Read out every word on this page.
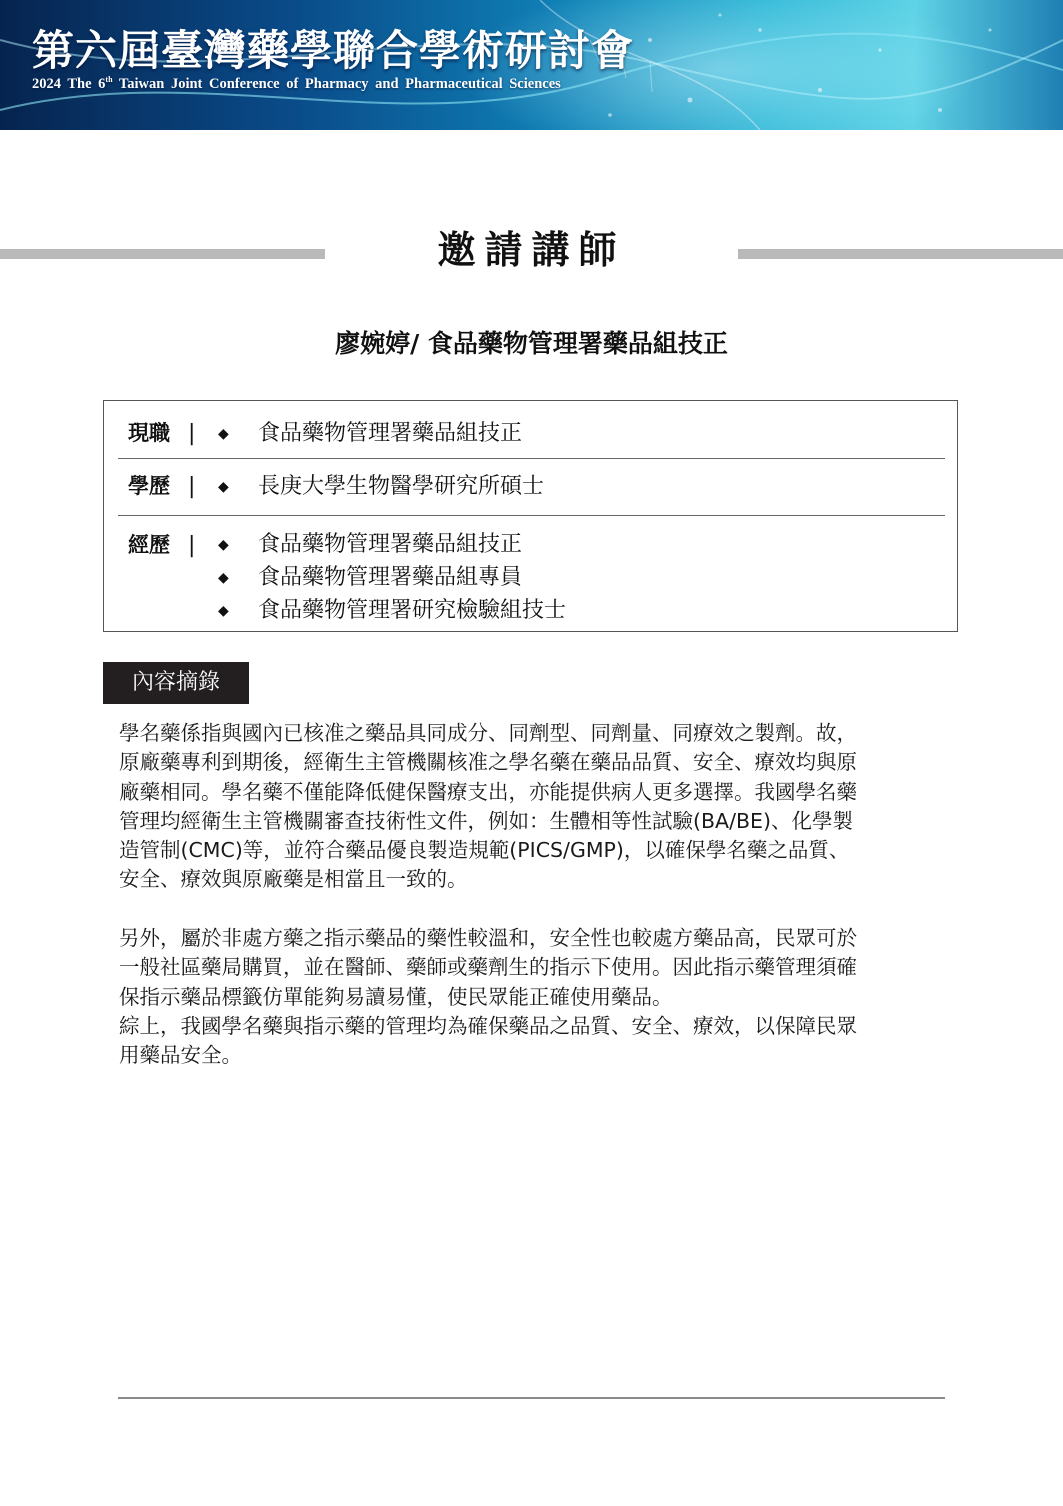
第六屆臺灣藥學聯合學術研討會
2024 The 6th Taiwan Joint Conference of Pharmacy and Pharmaceutical Sciences
邀請講師
廖婉婷/ 食品藥物管理署藥品組技正
現職 | ◆ 食品藥物管理署藥品組技正
學歷 | ◆ 長庚大學生物醫學研究所碩士
經歷 | ◆ 食品藥物管理署藥品組技正
◆ 食品藥物管理署藥品組專員
◆ 食品藥物管理署研究檢驗組技士
內容摘錄
學名藥係指與國內已核准之藥品具同成分、同劑型、同劑量、同療效之製劑。故，
原廠藥專利到期後，經衛生主管機關核准之學名藥在藥品品質、安全、療效均與原
廠藥相同。學名藥不僅能降低健保醫療支出，亦能提供病人更多選擇。我國學名藥
管理均經衛生主管機關審查技術性文件，例如：生體相等性試驗(BA/BE)、化學製
造管制(CMC)等，並符合藥品優良製造規範(PICS/GMP)，以確保學名藥之品質、
安全、療效與原廠藥是相當且一致的。
另外，屬於非處方藥之指示藥品的藥性較溫和，安全性也較處方藥品高，民眾可於
一般社區藥局購買，並在醫師、藥師或藥劑生的指示下使用。因此指示藥管理須確
保指示藥品標籤仿單能夠易讀易懂，使民眾能正確使用藥品。
綜上，我國學名藥與指示藥的管理均為確保藥品之品質、安全、療效，以保障民眾
用藥品安全。
